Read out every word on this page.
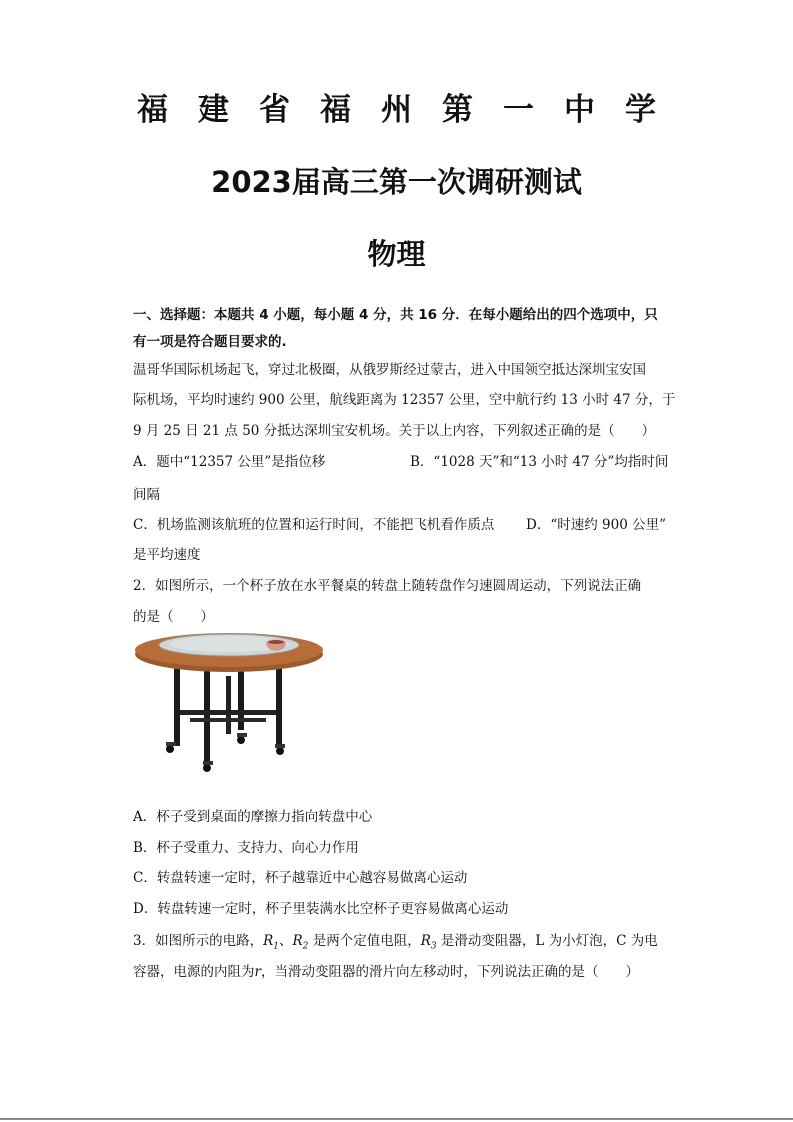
福建省福州第一中学
2023届高三第一次调研测试
物理
一、选择题：本题共 4 小题，每小题 4 分，共 16 分．在每小题给出的四个选项中，只
有一项是符合题目要求的.
温哥华国际机场起飞，穿过北极圈，从俄罗斯经过蒙古，进入中国领空抵达深圳宝安国
际机场，平均时速约 900 公里，航线距离为 12357 公里，空中航行约 13 小时 47 分，于
9 月 25 日 21 点 50 分抵达深圳宝安机场。关于以上内容，下列叙述正确的是（　　）
A．题中“12357 公里”是指位移	B．“1028 天”和“13 小时 47 分”均指时间
间隔
C．机场监测该航班的位置和运行时间，不能把飞机看作质点 D．“时速约 900 公里”
是平均速度
2．如图所示，一个杯子放在水平餐桌的转盘上随转盘作匀速圆周运动，下列说法正确
的是（　　）
A．杯子受到桌面的摩擦力指向转盘中心
B．杯子受重力、支持力、向心力作用
C．转盘转速一定时，杯子越靠近中心越容易做离心运动
D．转盘转速一定时，杯子里装满水比空杯子更容易做离心运动
3．如图所示的电路，$R_1$、$R_2$ 是两个定值电阻，$R_3$ 是滑动变阻器，L 为小灯泡，C 为电
容器，电源的内阻为r，当滑动变阻器的滑片向左移动时，下列说法正确的是（　　）
